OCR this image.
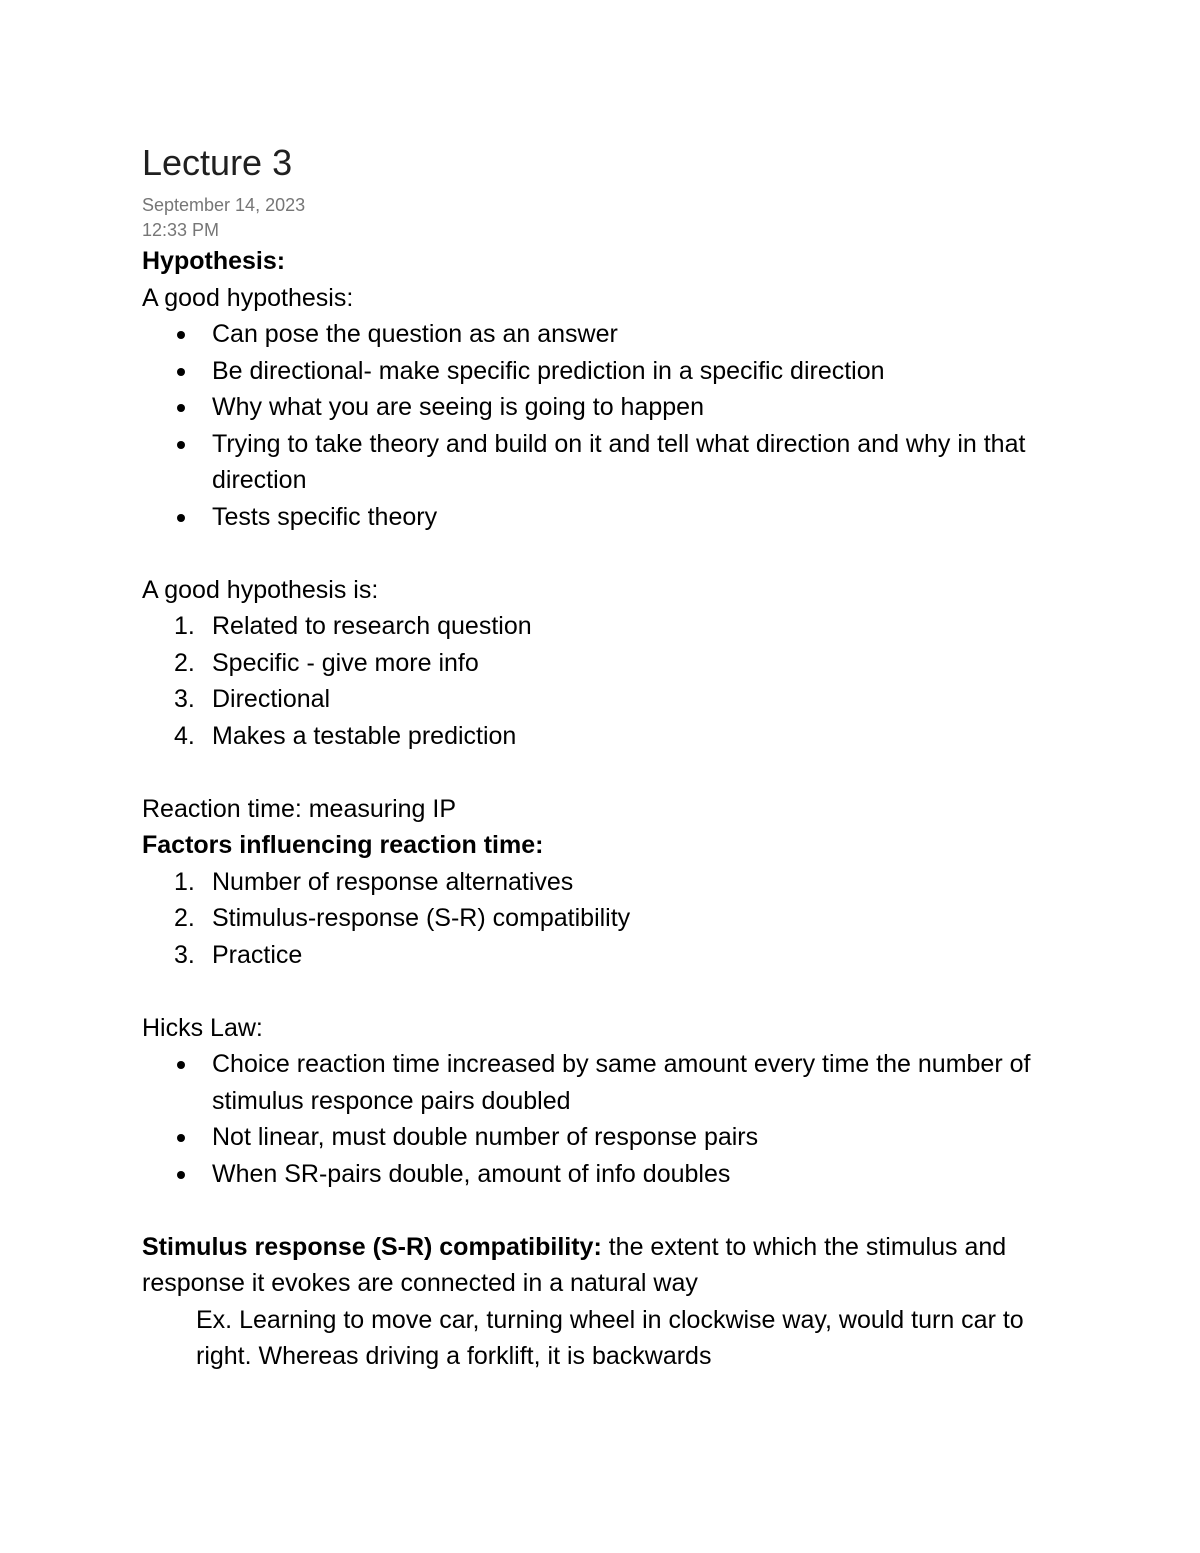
Lecture 3
September 14, 2023
12:33 PM

Hypothesis:

A good hypothesis:

Can pose the question as an answer
Be directional- make specific prediction in a specific direction
Why what you are seeing is going to happen
Trying to take theory and build on it and tell what direction and why in that direction
Tests specific theory

A good hypothesis is:

1. Related to research question
2. Specific - give more info
3. Directional
4. Makes a testable prediction

Reaction time: measuring IP

Factors influencing reaction time:

1. Number of response alternatives
2. Stimulus-response (S-R) compatibility
3. Practice

Hicks Law:

Choice reaction time increased by same amount every time the number of stimulus responce pairs doubled
Not linear, must double number of response pairs
When SR-pairs double, amount of info doubles

Stimulus response (S-R) compatibility: the extent to which the stimulus and response it evokes are connected in a natural way

Ex. Learning to move car, turning wheel in clockwise way, would turn car to right. Whereas driving a forklift, it is backwards
